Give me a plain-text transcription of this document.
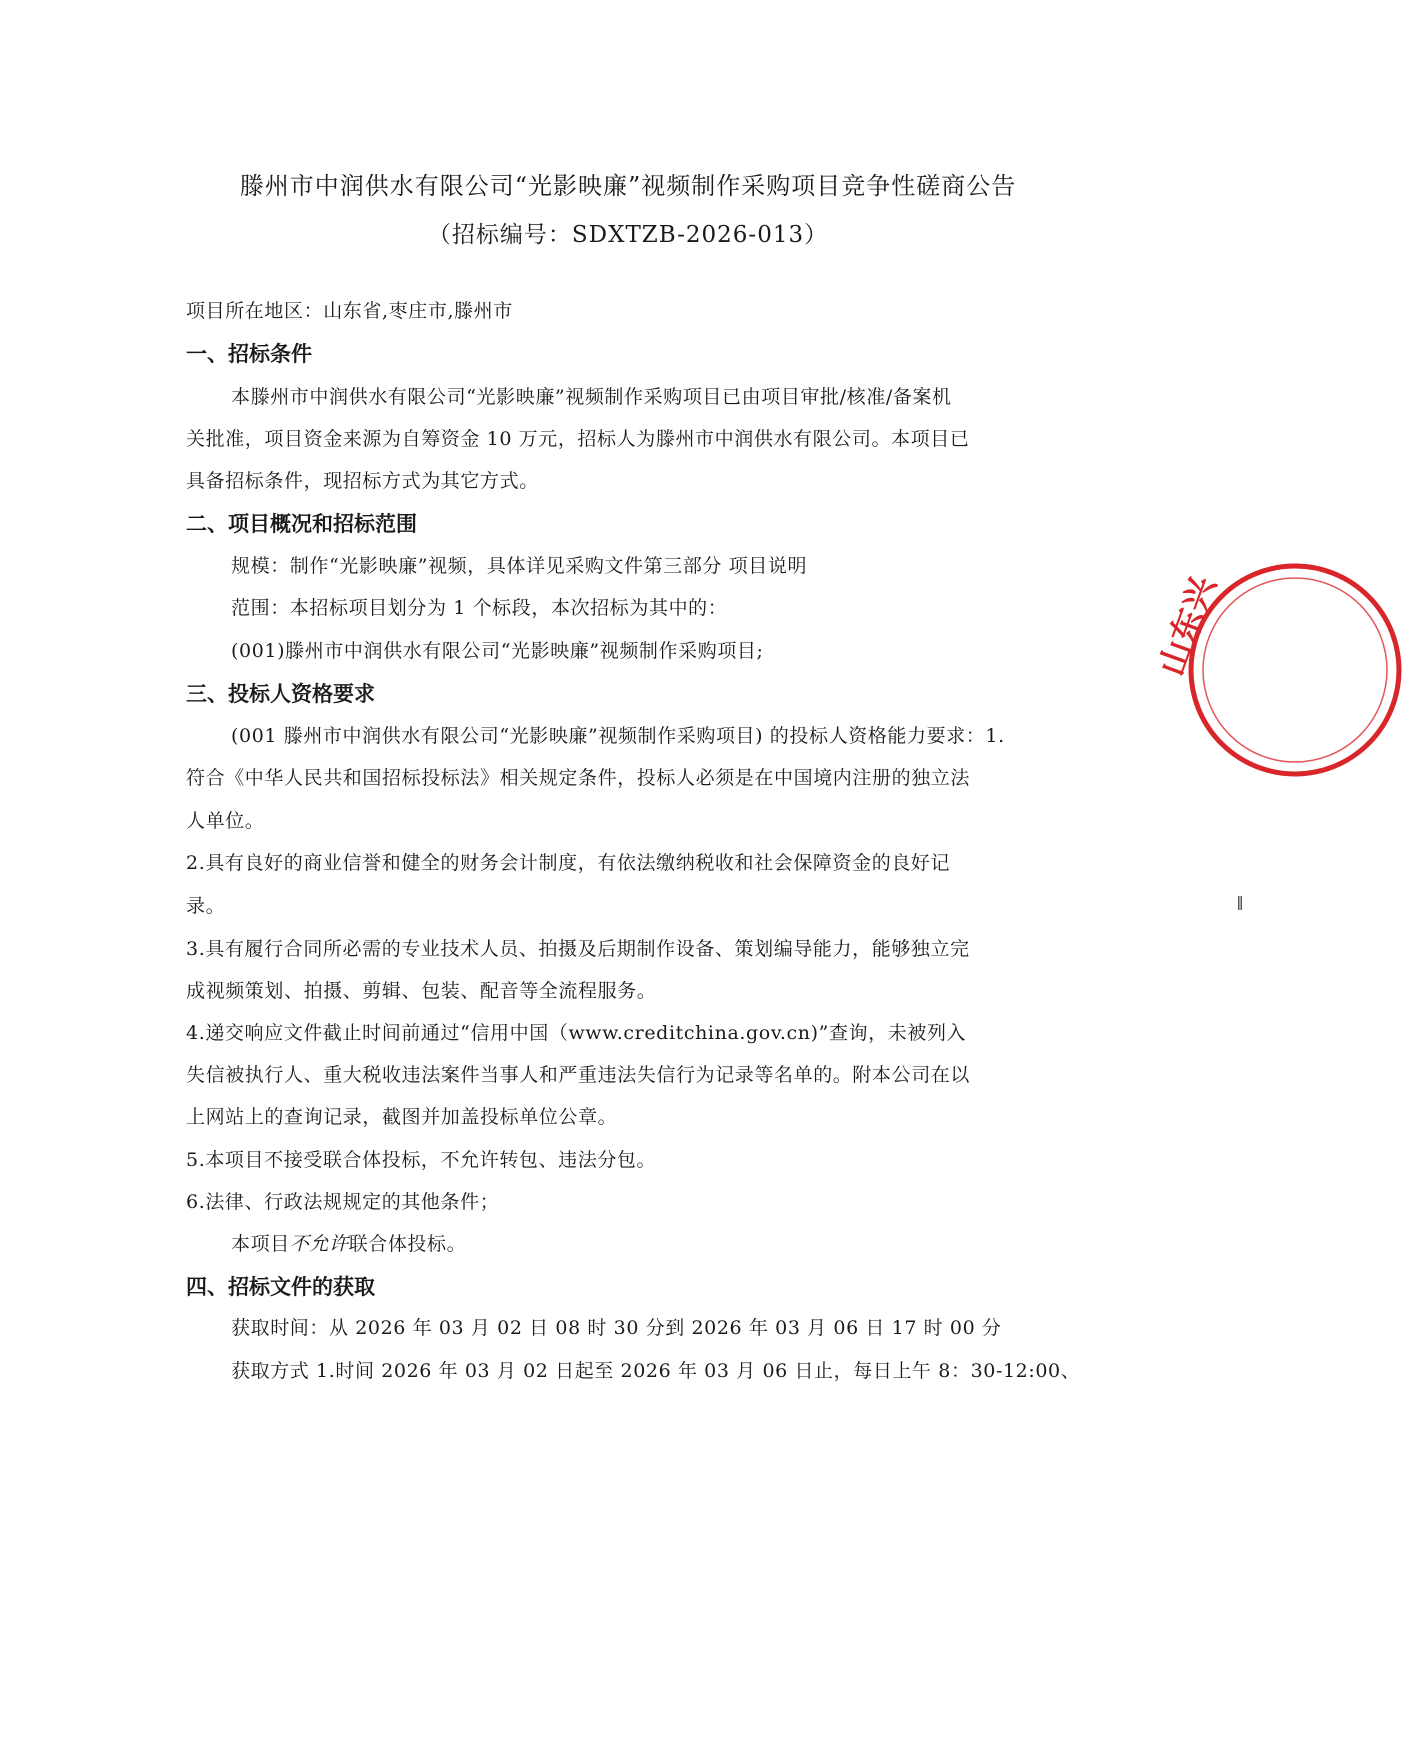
滕州市中润供水有限公司“光影映廉”视频制作采购项目竞争性磋商公告
（招标编号：SDXTZB-2026-013）
项目所在地区：山东省,枣庄市,滕州市
一、招标条件
本滕州市中润供水有限公司“光影映廉”视频制作采购项目已由项目审批/核准/备案机
关批准，项目资金来源为自筹资金 10 万元，招标人为滕州市中润供水有限公司。本项目已
具备招标条件，现招标方式为其它方式。
二、项目概况和招标范围
规模：制作“光影映廉”视频，具体详见采购文件第三部分 项目说明
范围：本招标项目划分为 1 个标段，本次招标为其中的：
(001)滕州市中润供水有限公司“光影映廉”视频制作采购项目;
三、投标人资格要求
(001 滕州市中润供水有限公司“光影映廉”视频制作采购项目) 的投标人资格能力要求：1.
符合《中华人民共和国招标投标法》相关规定条件，投标人必须是在中国境内注册的独立法
人单位。
2.具有良好的商业信誉和健全的财务会计制度，有依法缴纳税收和社会保障资金的良好记
录。
3.具有履行合同所必需的专业技术人员、拍摄及后期制作设备、策划编导能力，能够独立完
成视频策划、拍摄、剪辑、包装、配音等全流程服务。
4.递交响应文件截止时间前通过“信用中国（www.creditchina.gov.cn)”查询，未被列入
失信被执行人、重大税收违法案件当事人和严重违法失信行为记录等名单的。附本公司在以
上网站上的查询记录，截图并加盖投标单位公章。
5.本项目不接受联合体投标，不允许转包、违法分包。
6.法律、行政法规规定的其他条件；
本项目不允许联合体投标。
四、招标文件的获取
获取时间：从 2026 年 03 月 02 日 08 时 30 分到 2026 年 03 月 06 日 17 时 00 分
获取方式 1.时间 2026 年 03 月 02 日起至 2026 年 03 月 06 日止，每日上午 8：30-12:00、
山东兴
